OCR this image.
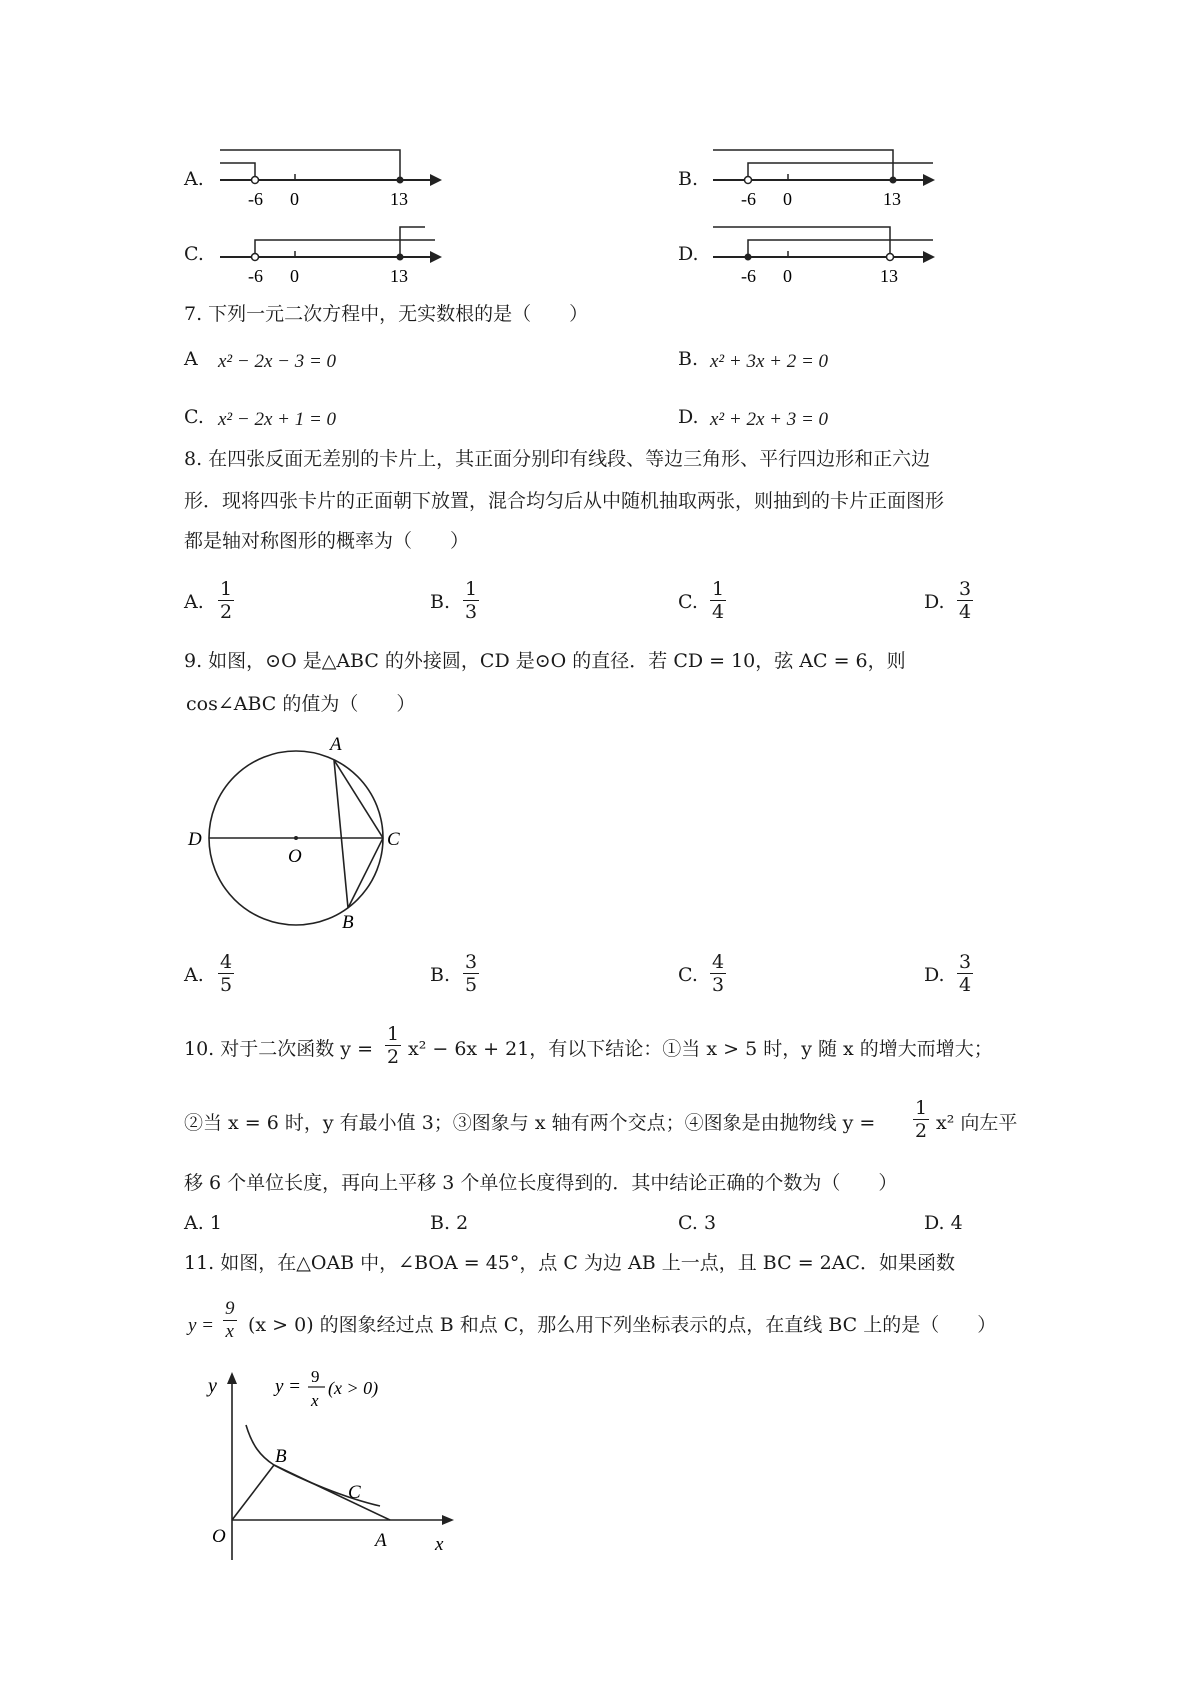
A.
-6 0	13
B.
-6 0	13
C.
-6 0	13
D.
-6 0	13
7. 下列一元二次方程中，无实数根的是（　　）
A x² − 2x − 3 = 0	B. x² + 3x + 2 = 0
C. x² − 2x + 1 = 0	D. x² + 2x + 3 = 0
8. 在四张反面无差别的卡片上，其正面分别印有线段、等边三角形、平行四边形和正六边
形．现将四张卡片的正面朝下放置，混合均匀后从中随机抽取两张，则抽到的卡片正面图形
都是轴对称图形的概率为（　　）
A. $\frac{1}{2}$	B. $\frac{1}{3}$	C. $\frac{1}{4}$	D. $\frac{3}{4}$
9. 如图，⊙O 是△ABC 的外接圆，CD 是⊙O 的直径．若 CD = 10，弦 AC = 6，则
cos∠ABC 的值为（　　）
A
D
O
C
B
A. $\frac{4}{5}$	B. $\frac{3}{5}$	C. $\frac{4}{3}$	D. $\frac{3}{4}$
10. 对于二次函数 $y = \frac{1}{2} x^2 - 6x + 21$，有以下结论：①当 x > 5 时，y 随 x 的增大而增大；
②当 x = 6 时，y 有最小值 3；③图象与 x 轴有两个交点；④图象是由抛物线 $y = \frac{1}{2} x^2$ 向左平
移 6 个单位长度，再向上平移 3 个单位长度得到的．其中结论正确的个数为（　　）
A. 1	B. 2	C. 3	D. 4
11. 如图，在△OAB 中，∠BOA = 45°，点 C 为边 AB 上一点，且 BC = 2AC．如果函数
$y = \frac{9}{x} (x > 0)$ 的图象经过点 B 和点 C，那么用下列坐标表示的点，在直线 BC 上的是（　　）
y	y = 9
x
(x > 0)
B
C
O	A	x
